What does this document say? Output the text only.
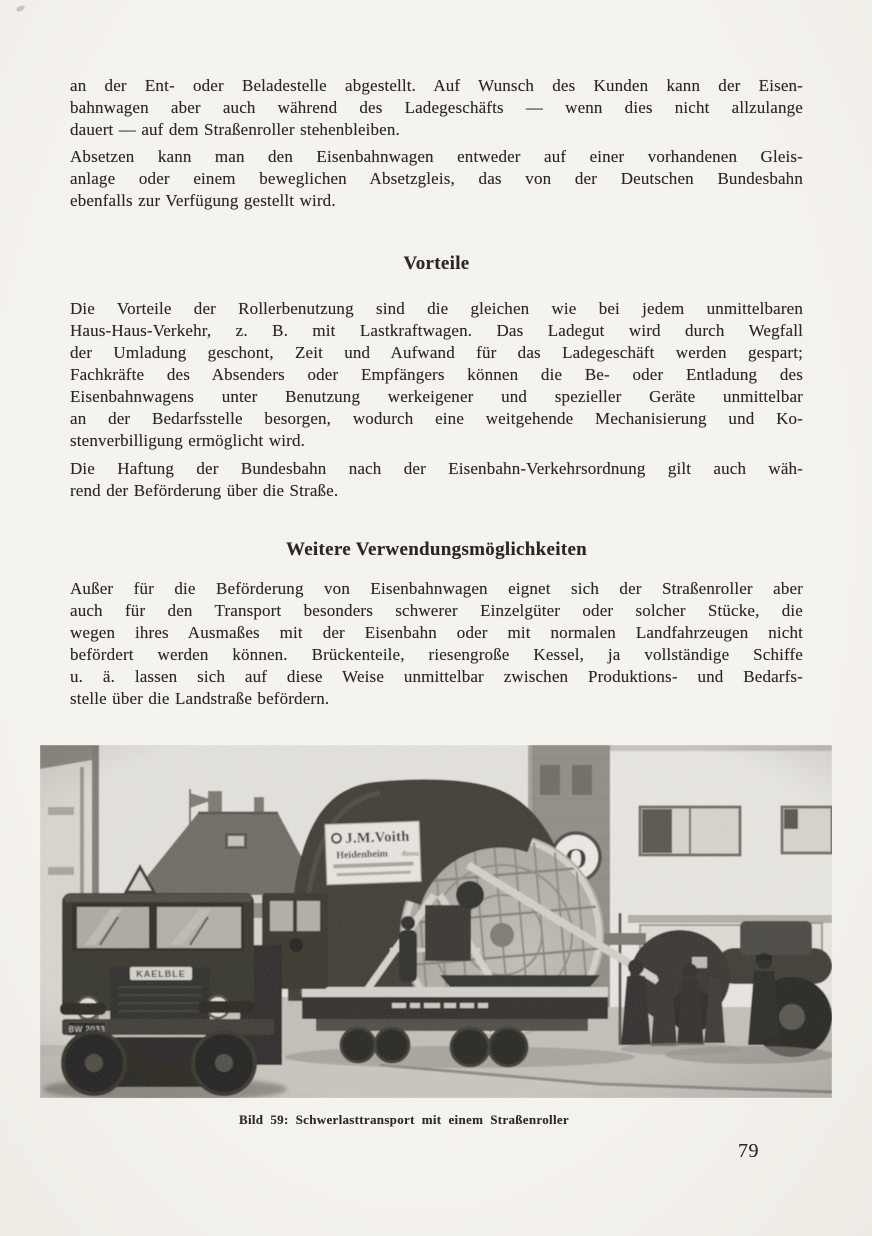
an der Ent- oder Beladestelle abgestellt. Auf Wunsch des Kunden kann der Eisen-
bahnwagen aber auch während des Ladegeschäfts — wenn dies nicht allzulange
dauert — auf dem Straßenroller stehenbleiben.
Absetzen kann man den Eisenbahnwagen entweder auf einer vorhandenen Gleis-
anlage oder einem beweglichen Absetzgleis, das von der Deutschen Bundesbahn
ebenfalls zur Verfügung gestellt wird.
Vorteile
Die Vorteile der Rollerbenutzung sind die gleichen wie bei jedem unmittelbaren
Haus-Haus-Verkehr, z. B. mit Lastkraftwagen. Das Ladegut wird durch Wegfall
der Umladung geschont, Zeit und Aufwand für das Ladegeschäft werden gespart;
Fachkräfte des Absenders oder Empfängers können die Be- oder Entladung des
Eisenbahnwagens unter Benutzung werkeigener und spezieller Geräte unmittelbar
an der Bedarfsstelle besorgen, wodurch eine weitgehende Mechanisierung und Ko-
stenverbilligung ermöglicht wird.
Die Haftung der Bundesbahn nach der Eisenbahn-Verkehrsordnung gilt auch wäh-
rend der Beförderung über die Straße.
Weitere Verwendungsmöglichkeiten
Außer für die Beförderung von Eisenbahnwagen eignet sich der Straßenroller aber
auch für den Transport besonders schwerer Einzelgüter oder solcher Stücke, die
wegen ihres Ausmaßes mit der Eisenbahn oder mit normalen Landfahrzeugen nicht
befördert werden können. Brückenteile, riesengroße Kessel, ja vollständige Schiffe
u. ä. lassen sich auf diese Weise unmittelbar zwischen Produktions- und Bedarfs-
stelle über die Landstraße befördern.
Bild 59: Schwerlasttransport mit einem Straßenroller
79
